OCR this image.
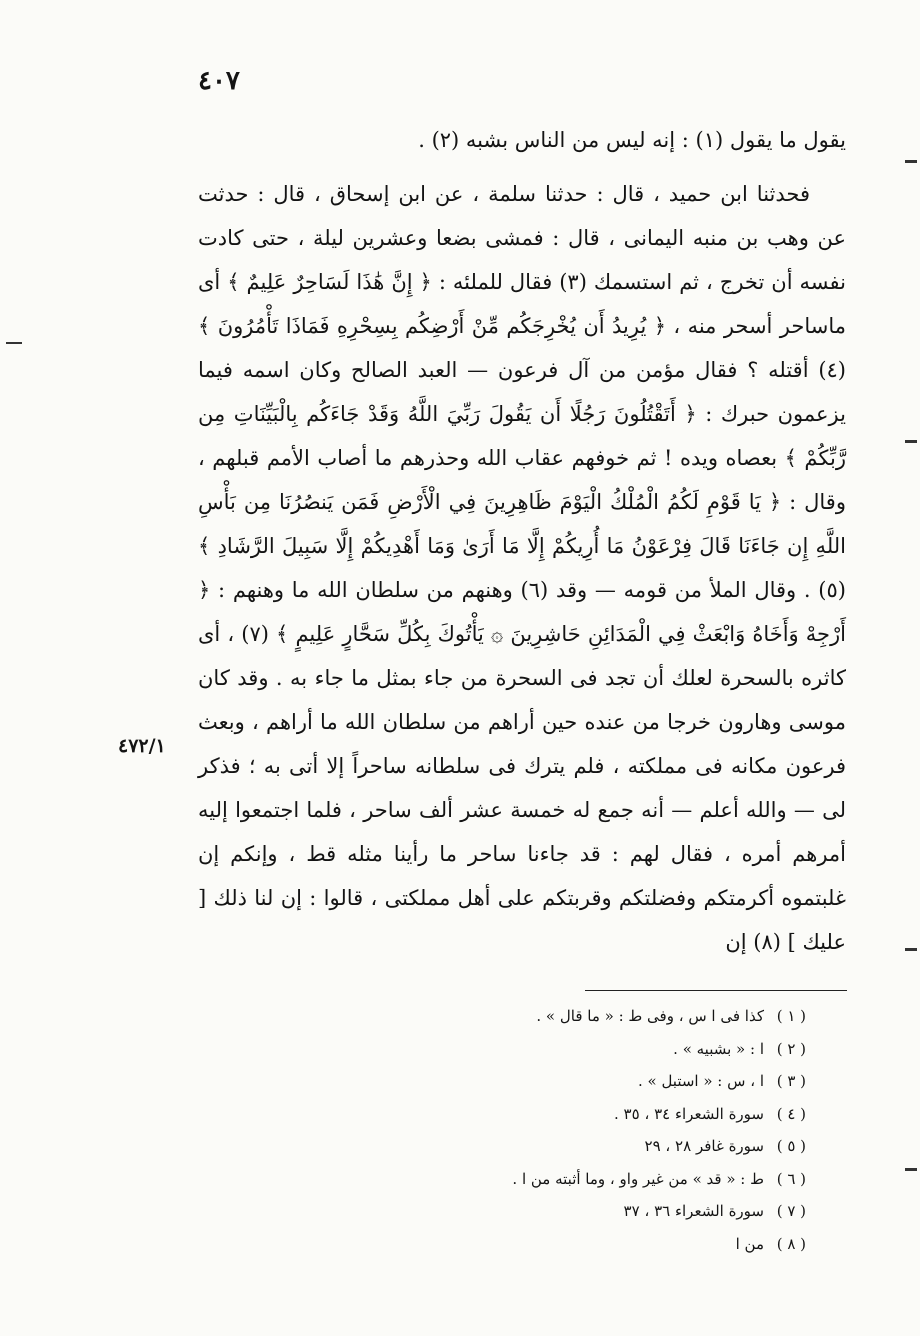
٤٠٧

يقول ما يقول (١) : إنه ليس من الناس بشبه (٢) .

فحدثنا ابن حميد ، قال : حدثنا سلمة ، عن ابن إسحاق ، قال : حدثت عن وهب بن منبه اليمانى ، قال : فمشى بضعا وعشرين ليلة ، حتى كادت نفسه أن تخرج ، ثم استسمك (٣) فقال للملئه : ﴿ إِنَّ هَٰذَا لَسَاحِرٌ عَلِيمٌ ﴾ أى ماساحر أسحر منه ، ﴿ يُرِيدُ أَن يُخْرِجَكُم مِّنْ أَرْضِكُم بِسِحْرِهِ فَمَاذَا تَأْمُرُونَ ﴾ (٤) أقتله ؟ فقال مؤمن من آل فرعون — العبد الصالح وكان اسمه فيما يزعمون حبرك : ﴿ أَتَقْتُلُونَ رَجُلًا أَن يَقُولَ رَبِّيَ اللَّهُ وَقَدْ جَاءَكُم بِالْبَيِّنَاتِ مِن رَّبِّكُمْ ﴾ بعصاه ويده ! ثم خوفهم عقاب الله وحذرهم ما أصاب الأمم قبلهم ، وقال : ﴿ يَا قَوْمِ لَكُمُ الْمُلْكُ الْيَوْمَ ظَاهِرِينَ فِي الْأَرْضِ فَمَن يَنصُرُنَا مِن بَأْسِ اللَّهِ إِن جَاءَنَا قَالَ فِرْعَوْنُ مَا أُرِيكُمْ إِلَّا مَا أَرَىٰ وَمَا أَهْدِيكُمْ إِلَّا سَبِيلَ الرَّشَادِ ﴾ (٥) . وقال الملأ من قومه — وقد (٦) وهنهم من سلطان الله ما وهنهم : ﴿ أَرْجِهْ وَأَخَاهُ وَابْعَثْ فِي الْمَدَائِنِ حَاشِرِينَ ۞ يَأْتُوكَ بِكُلِّ سَحَّارٍ عَلِيمٍ ﴾ (٧) ، أى كاثره بالسحرة لعلك أن تجد فى السحرة من جاء بمثل ما جاء به . وقد كان موسى وهارون خرجا من عنده حين أراهم من سلطان الله ما أراهم ، وبعث فرعون مكانه فى مملكته ، فلم يترك فى سلطانه ساحراً إلا أتى به ؛ فذكر لى — والله أعلم — أنه جمع له خمسة عشر ألف ساحر ، فلما اجتمعوا إليه أمرهم أمره ، فقال لهم : قد جاءنا ساحر ما رأينا مثله قط ، وإنكم إن غلبتموه أكرمتكم وفضلتكم وقربتكم على أهل مملكتى ، قالوا : إن لنا ذلك [ عليك ] (٨) إن

٤٧٢/١
( ١ )كذا فى ا س ، وفى ط : « ما قال » .
( ٢ )ا : « بشبيه » .
( ٣ )ا ، س : « استبل » .
( ٤ )سورة الشعراء ٣٤ ، ٣٥ .
( ٥ )سورة غافر ٢٨ ، ٢٩
( ٦ )ط : « قد » من غير واو ، وما أثبته من ا .
( ٧ )سورة الشعراء ٣٦ ، ٣٧
( ٨ )من ا
